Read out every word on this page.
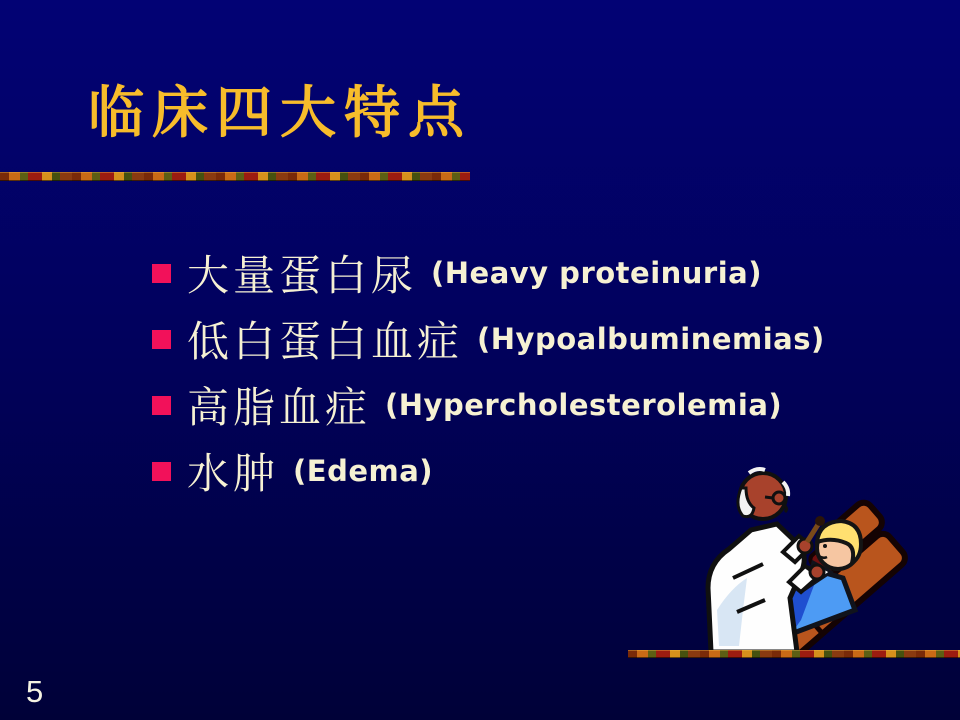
临床四大特点
大量蛋白尿 (Heavy proteinuria)
低白蛋白血症 (Hypoalbuminemias)
高脂血症 (Hypercholesterolemia)
水肿 (Edema)
5
